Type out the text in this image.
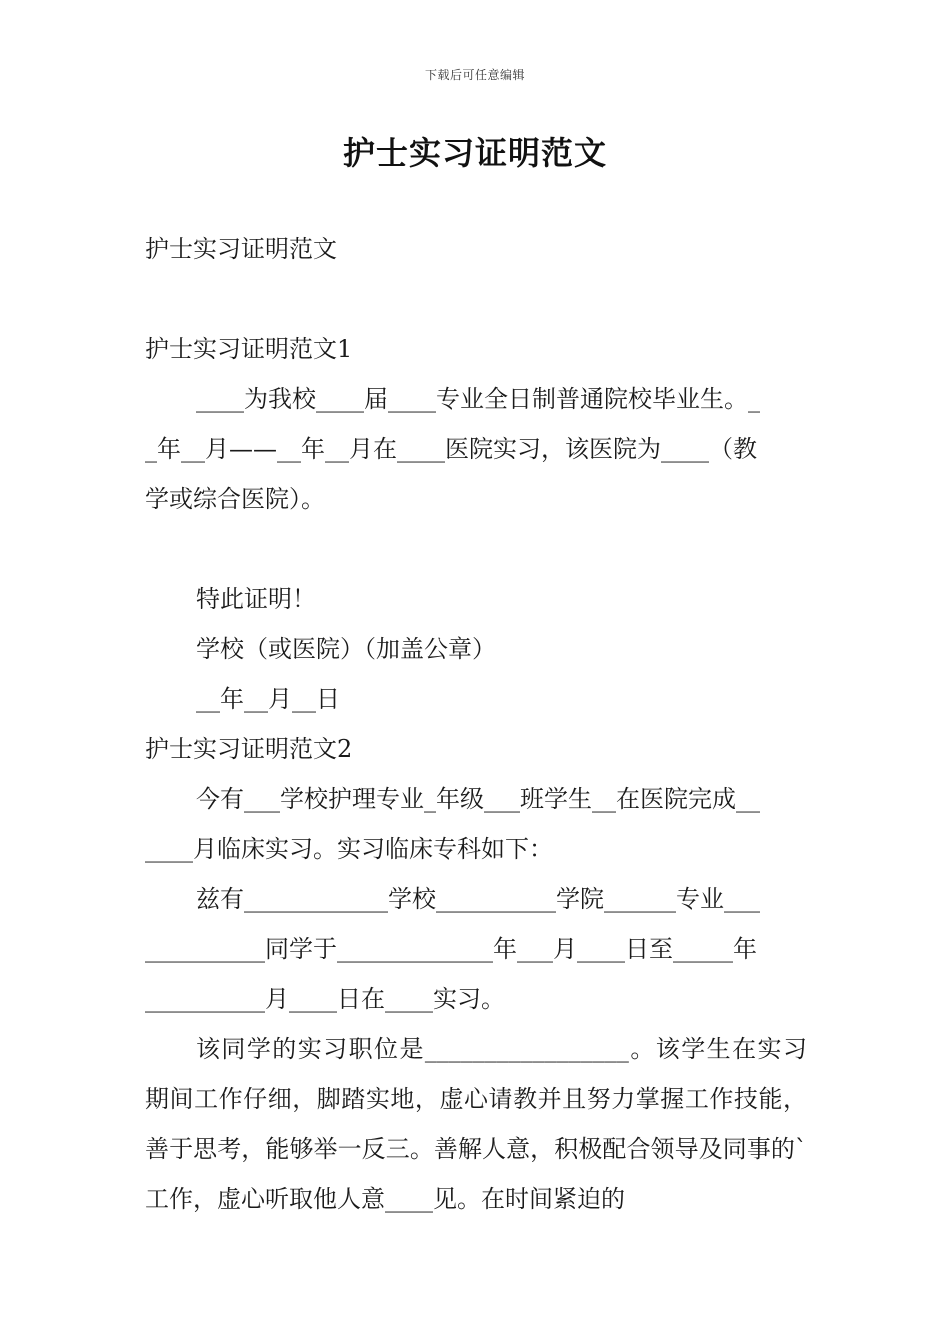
下载后可任意编辑
护士实习证明范文
护士实习证明范文
护士实习证明范文1
____为我校____届____专业全日制普通院校毕业生。_
_年__月——__年__月在____医院实习，该医院为____（教
学或综合医院）。
特此证明！
学校（或医院）（加盖公章）
__年__月__日
护士实习证明范文2
今有___学校护理专业_年级___班学生__在医院完成__
____月临床实习。实习临床专科如下：
兹有____________学校__________学院______专业___
__________同学于_____________年___月____日至_____年
__________月____日在____实习。
该同学的实习职位是_________________。该学生在实习期间工作仔细，脚踏实地，虚心请教并且努力掌握工作技能，善于思考，能够举一反三。善解人意，积极配合领导及同事的`工作，虚心听取他人意____见。在时间紧迫的
